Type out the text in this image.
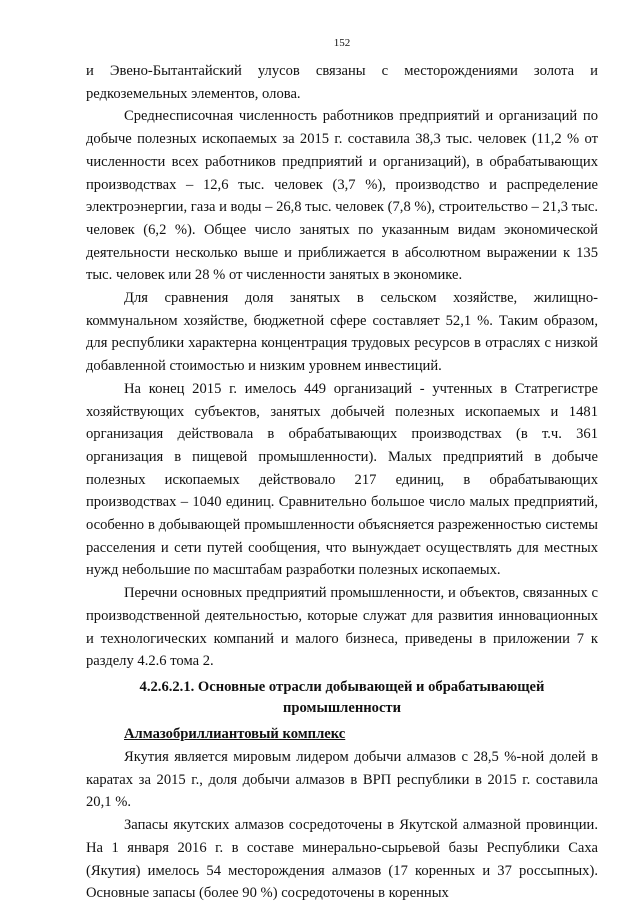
152

и Эвено-Бытантайский улусов связаны с месторождениями золота и редкоземельных элементов, олова.

Среднесписочная численность работников предприятий и организаций по добыче полезных ископаемых за 2015 г. составила 38,3 тыс. человек (11,2 % от численности всех работников предприятий и организаций), в обрабатывающих производствах – 12,6 тыс. человек (3,7 %), производство и распределение электроэнергии, газа и воды – 26,8 тыс. человек (7,8 %), строительство – 21,3 тыс. человек (6,2 %). Общее число занятых по указанным видам экономической деятельности несколько выше и приближается в абсолютном выражении к 135 тыс. человек или 28 % от численности занятых в экономике.

Для сравнения доля занятых в сельском хозяйстве, жилищно-коммунальном хозяйстве, бюджетной сфере составляет 52,1 %. Таким образом, для республики характерна концентрация трудовых ресурсов в отраслях с низкой добавленной стоимостью и низким уровнем инвестиций.

На конец 2015 г. имелось 449 организаций - учтенных в Статрегистре хозяйствующих субъектов, занятых добычей полезных ископаемых и 1481 организация действовала в обрабатывающих производствах (в т.ч. 361 организация в пищевой промышленности). Малых предприятий в добыче полезных ископаемых действовало 217 единиц, в обрабатывающих производствах – 1040 единиц. Сравнительно большое число малых предприятий, особенно в добывающей промышленности объясняется разреженностью системы расселения и сети путей сообщения, что вынуждает осуществлять для местных нужд небольшие по масштабам разработки полезных ископаемых.

Перечни основных предприятий промышленности, и объектов, связанных с производственной деятельностью, которые служат для развития инновационных и технологических компаний и малого бизнеса, приведены в приложении 7 к разделу 4.2.6 тома 2.

4.2.6.2.1. Основные отрасли добывающей и обрабатывающей
промышленности
Алмазобриллиантовый комплекс

Якутия является мировым лидером добычи алмазов с 28,5 %-ной долей в каратах за 2015 г., доля добычи алмазов в ВРП республики в 2015 г. составила 20,1 %.

Запасы якутских алмазов сосредоточены в Якутской алмазной провинции. На 1 января 2016 г. в составе минерально-сырьевой базы Республики Саха (Якутия) имелось 54 месторождения алмазов (17 коренных и 37 россыпных). Основные запасы (более 90 %) сосредоточены в коренных
